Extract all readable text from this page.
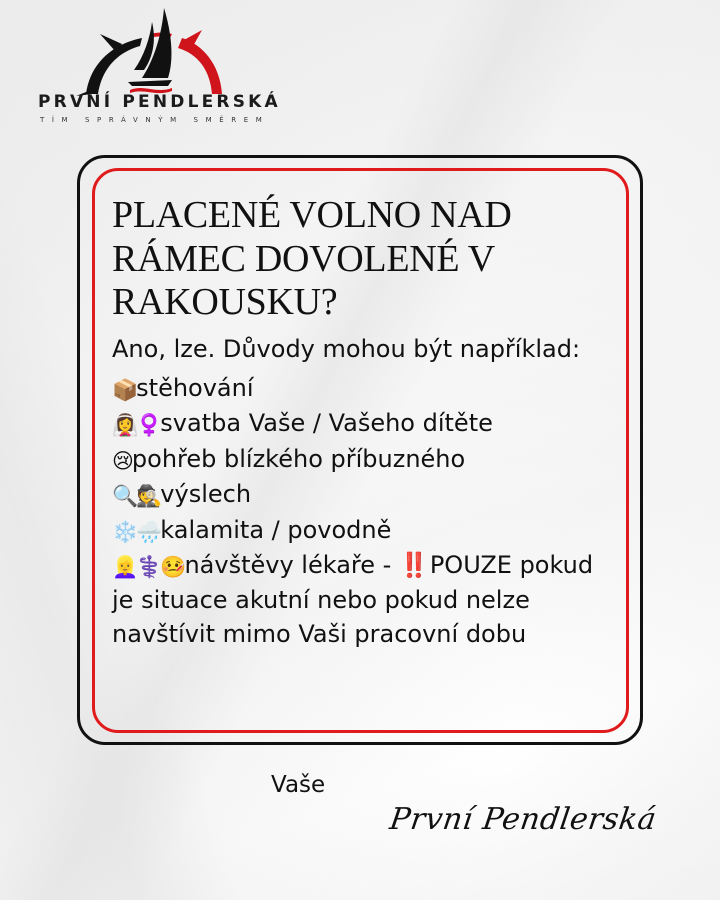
PRVNÍ PENDLERSKÁ
TÍM SPRÁVNÝM SMĚREM
PLACENÉ VOLNO NAD RÁMEC DOVOLENÉ V RAKOUSKU?

Ano, lze. Důvody mohou být například:

📦stěhování
👰‍♀️♀️svatba Vaše / Vašeho dítěte
😢pohřeb blízkého příbuzného
🔍🕵️výslech
❄️🌧️kalamita / povodně
👱‍♀️⚕️🤒návštěvy lékaře - ‼️ POUZE pokud je situace akutní nebo pokud nelze navštívit mimo Vaši pracovní dobu
Vaše
První Pendlerská
